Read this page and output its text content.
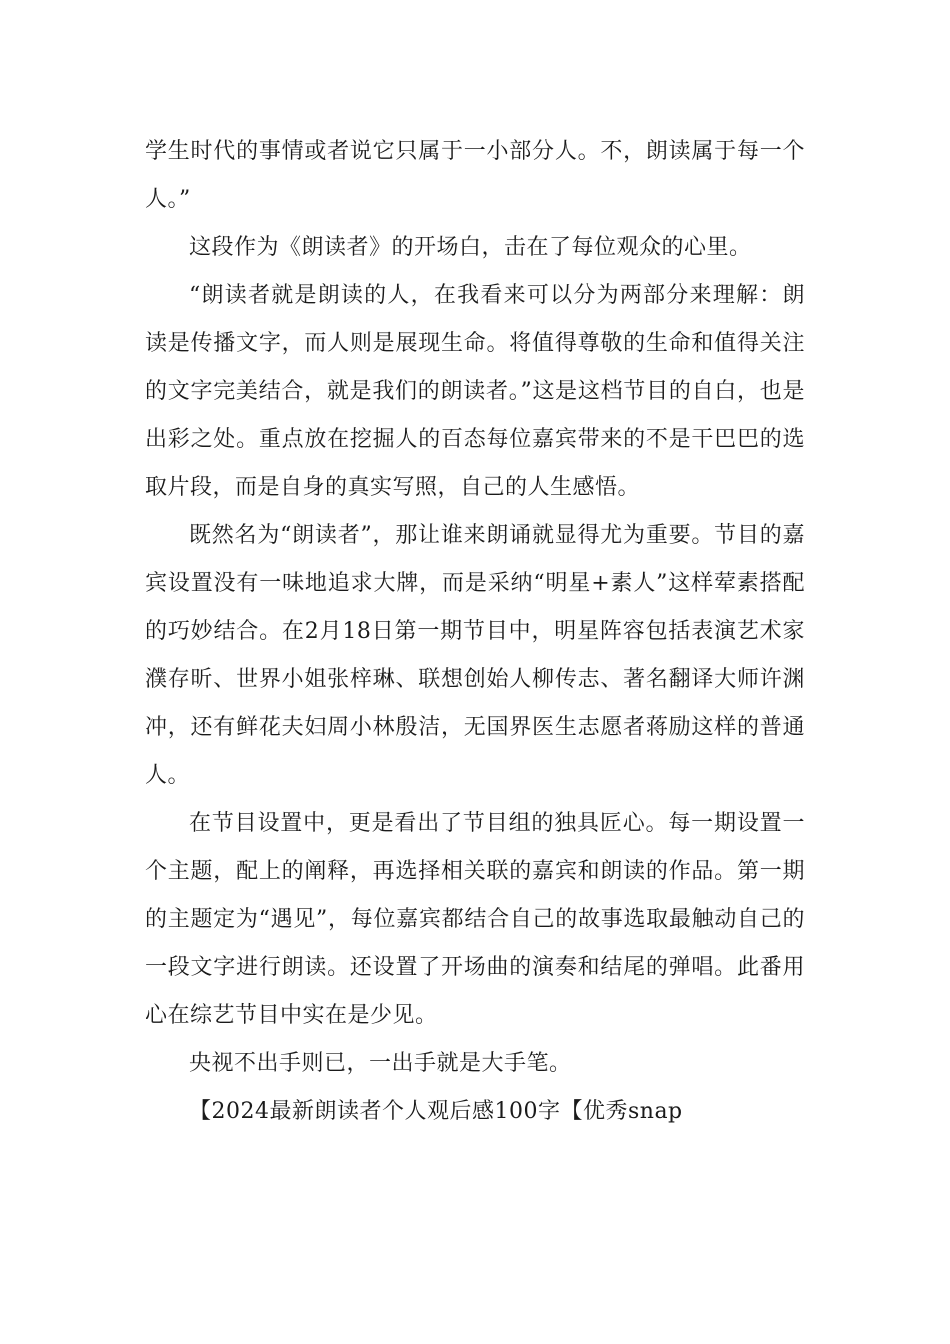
学生时代的事情或者说它只属于一小部分人。不，朗读属于每一个人。”

这段作为《朗读者》的开场白，击在了每位观众的心里。

“朗读者就是朗读的人，在我看来可以分为两部分来理解：朗读是传播文字，而人则是展现生命。将值得尊敬的生命和值得关注的文字完美结合，就是我们的朗读者。”这是这档节目的自白，也是出彩之处。重点放在挖掘人的百态每位嘉宾带来的不是干巴巴的选取片段，而是自身的真实写照，自己的人生感悟。

既然名为“朗读者”，那让谁来朗诵就显得尤为重要。节目的嘉宾设置没有一味地追求大牌，而是采纳“明星+素人”这样荤素搭配的巧妙结合。在2月18日第一期节目中，明星阵容包括表演艺术家濮存昕、世界小姐张梓琳、联想创始人柳传志、著名翻译大师许渊冲，还有鲜花夫妇周小林殷洁，无国界医生志愿者蒋励这样的普通人。

在节目设置中，更是看出了节目组的独具匠心。每一期设置一个主题，配上的阐释，再选择相关联的嘉宾和朗读的作品。第一期的主题定为“遇见”，每位嘉宾都结合自己的故事选取最触动自己的一段文字进行朗读。还设置了开场曲的演奏和结尾的弹唱。此番用心在综艺节目中实在是少见。

央视不出手则已，一出手就是大手笔。

【2024最新朗读者个人观后感100字【优秀snap
